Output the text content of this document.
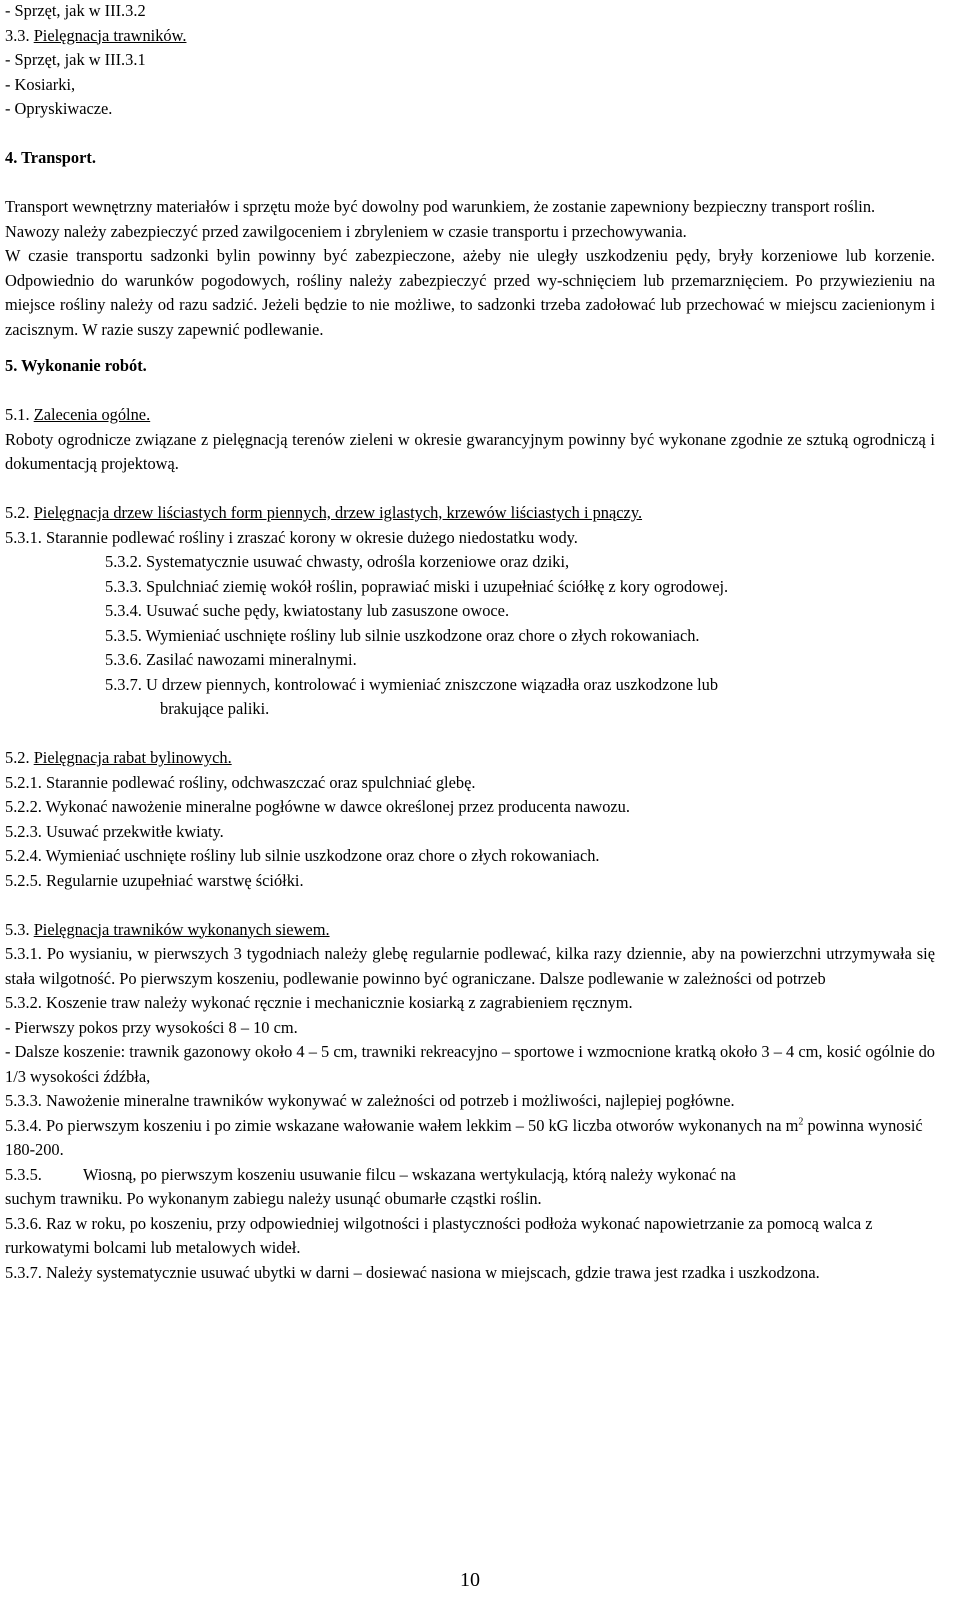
- Sprzęt, jak w III.3.2

3.3. Pielęgnacja trawników.

- Sprzęt, jak w III.3.1

- Kosiarki,

- Opryskiwacze.

4. Transport.

Transport wewnętrzny materiałów i sprzętu może być dowolny pod warunkiem, że zostanie zapewniony bezpieczny transport roślin.

Nawozy należy zabezpieczyć przed zawilgoceniem i zbryleniem w czasie transportu i przechowywania.

W czasie transportu sadzonki bylin powinny być zabezpieczone, ażeby nie uległy uszkodzeniu pędy, bryły korzeniowe lub korzenie. Odpowiednio do warunków pogodowych, rośliny należy zabezpieczyć przed wy-schnięciem lub przemarznięciem. Po przywiezieniu na miejsce rośliny należy od razu sadzić. Jeżeli będzie to nie możliwe, to sadzonki trzeba zadołować lub przechować w miejscu zacienionym i zacisznym. W razie suszy zapewnić podlewanie.

5. Wykonanie robót.

5.1. Zalecenia ogólne.

Roboty ogrodnicze związane z pielęgnacją terenów zieleni w okresie gwarancyjnym powinny być wykonane zgodnie ze sztuką ogrodniczą i dokumentacją projektową.

5.2. Pielęgnacja drzew liściastych form piennych, drzew iglastych, krzewów liściastych i pnączy.

5.3.1. Starannie podlewać rośliny i zraszać korony w okresie dużego niedostatku wody.

5.3.2. Systematycznie usuwać chwasty, odrośla korzeniowe oraz dziki,

5.3.3. Spulchniać ziemię wokół roślin, poprawiać miski i uzupełniać ściółkę z kory ogrodowej.

5.3.4. Usuwać suche pędy, kwiatostany lub zasuszone owoce.

5.3.5. Wymieniać uschnięte rośliny lub silnie uszkodzone oraz chore o złych rokowaniach.

5.3.6. Zasilać nawozami mineralnymi.

5.3.7. U drzew piennych, kontrolować i wymieniać zniszczone wiązadła oraz uszkodzone lub

brakujące paliki.

5.2. Pielęgnacja rabat bylinowych.

5.2.1. Starannie podlewać rośliny, odchwaszczać oraz spulchniać glebę.

5.2.2. Wykonać nawożenie mineralne pogłówne w dawce określonej przez producenta nawozu.

5.2.3. Usuwać przekwitłe kwiaty.

5.2.4. Wymieniać uschnięte rośliny lub silnie uszkodzone oraz chore o złych rokowaniach.

5.2.5. Regularnie uzupełniać warstwę ściółki.

5.3. Pielęgnacja trawników wykonanych siewem.

5.3.1. Po wysianiu, w pierwszych 3 tygodniach należy glebę regularnie podlewać, kilka razy dziennie, aby na powierzchni utrzymywała się stała wilgotność. Po pierwszym koszeniu, podlewanie powinno być ograniczane. Dalsze podlewanie w zależności od potrzeb

5.3.2. Koszenie traw należy wykonać ręcznie i mechanicznie kosiarką z zagrabieniem ręcznym.

- Pierwszy pokos przy wysokości 8 – 10 cm.

- Dalsze koszenie: trawnik gazonowy około 4 – 5 cm, trawniki rekreacyjno – sportowe i wzmocnione kratką około 3 – 4 cm, kosić ogólnie do 1/3 wysokości źdźbła,

5.3.3. Nawożenie mineralne trawników wykonywać w zależności od potrzeb i możliwości, najlepiej pogłówne.

5.3.4. Po pierwszym koszeniu i po zimie wskazane wałowanie wałem lekkim – 50 kG liczba otworów wykonanych na $m^2$ powinna wynosić 180-200.

5.3.5.	Wiosną, po pierwszym koszeniu usuwanie filcu – wskazana wertykulacją, którą należy wykonać na

suchym trawniku. Po wykonanym zabiegu należy usunąć obumarłe cząstki roślin.

5.3.6. Raz w roku, po koszeniu, przy odpowiedniej wilgotności i plastyczności podłoża wykonać napowietrzanie za pomocą walca z rurkowatymi bolcami lub metalowych wideł.

5.3.7. Należy systematycznie usuwać ubytki w darni – dosiewać nasiona w miejscach, gdzie trawa jest rzadka i uszkodzona.

10
